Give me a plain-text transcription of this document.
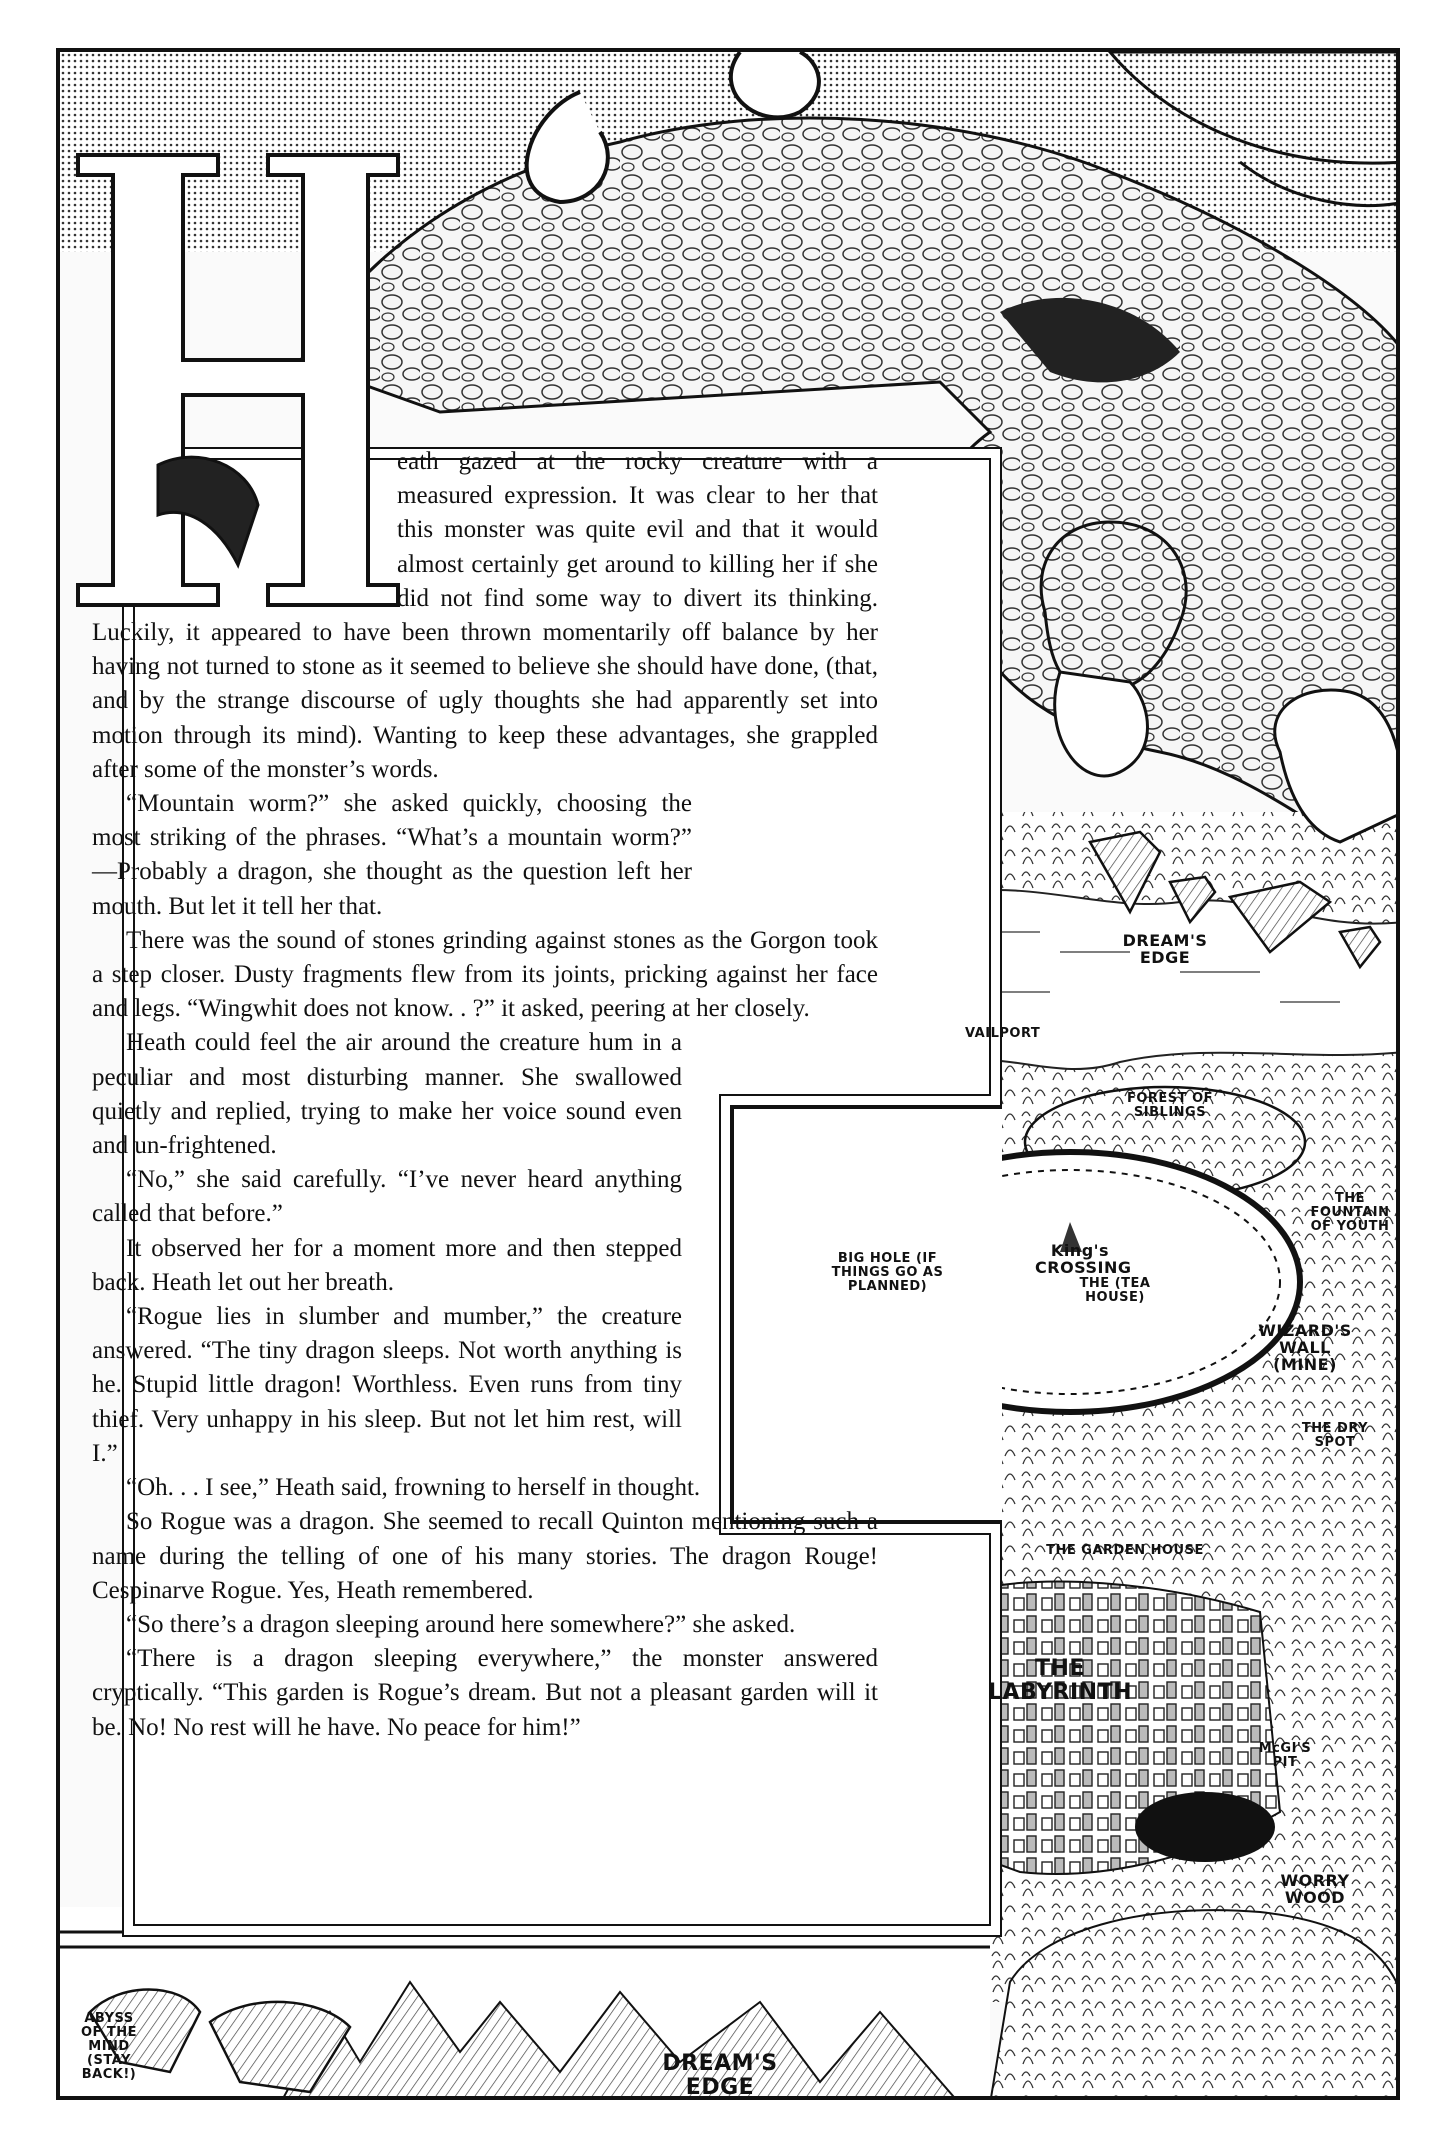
DREAM'S EDGE
VAILPORT
FOREST OF SIBLINGS
THE FOUNTAIN OF YOUTH
King's CROSSING
THE (TEA HOUSE)
BIG HOLE (IF THINGS GO AS PLANNED)
WIZARD'S WALL (MINE)
THE DRY SPOT
THE GARDEN HOUSE
THE LABYRINTH
McGI'S PIT
WORRY WOOD
ABYSS OF THE MIND (STAY BACK!)	DREAM'S EDGE
H

eath gazed at the rocky creature with a measured expression. It was clear to her that this monster was quite evil and that it would almost certainly get around to killing her if she did not find some way to divert its thinking. Luckily, it appeared to have been thrown momentarily off balance by her having not turned to stone as it seemed to believe she should have done, (that, and by the strange discourse of ugly thoughts she had apparently set into motion through its mind). Wanting to keep these advantages, she grappled after some of the monster’s words.

“Mountain worm?” she asked quickly, choosing the most striking of the phrases. “What’s a mountain worm?” —Probably a dragon, she thought as the question left her mouth. But let it tell her that.

There was the sound of stones grinding against stones as the Gorgon took a step closer. Dusty fragments flew from its joints, pricking against her face and legs. “Wingwhit does not know. . ?” it asked, peering at her closely.

Heath could feel the air around the creature hum in a peculiar and most disturbing manner. She swallowed quietly and replied, trying to make her voice sound even and un-frightened.

“No,” she said carefully. “I’ve never heard anything called that before.”

It observed her for a moment more and then stepped back. Heath let out her breath.

“Rogue lies in slumber and mumber,” the creature answered. “The tiny dragon sleeps. Not worth anything is he. Stupid little dragon! Worthless. Even runs from tiny thief. Very unhappy in his sleep. But not let him rest, will I.”

“Oh. . . I see,” Heath said, frowning to herself in thought.

So Rogue was a dragon. She seemed to recall Quinton mentioning such a name during the telling of one of his many stories. The dragon Rouge! Cespinarve Rogue. Yes, Heath remembered.

“So there’s a dragon sleeping around here somewhere?” she asked.

“There is a dragon sleeping everywhere,” the monster answered cryptically. “This garden is Rogue’s dream. But not a pleasant garden will it be. No! No rest will he have. No peace for him!”
